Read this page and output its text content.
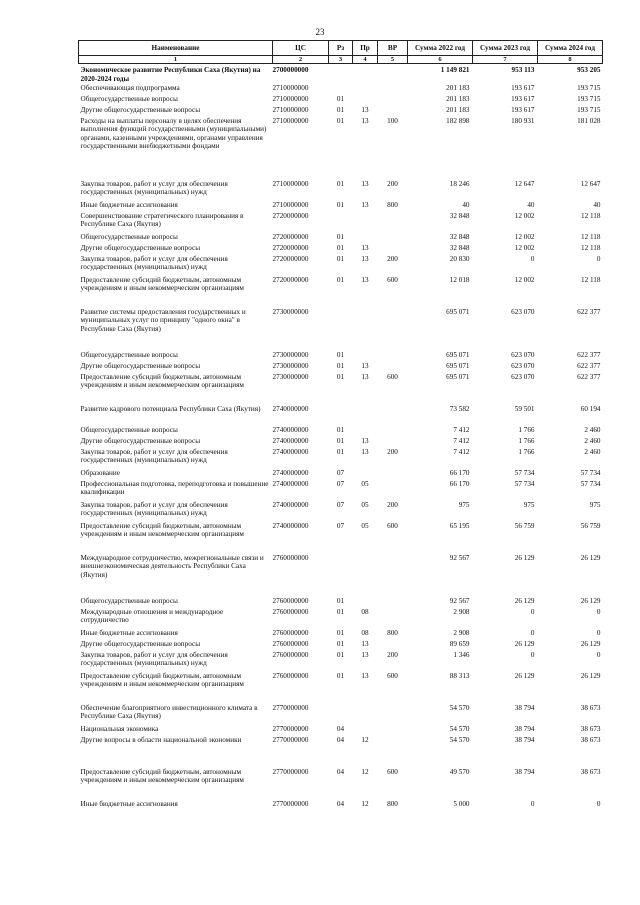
23
Наименование	ЦС	Рз	Пр	ВР	Сумма 2022 год	Сумма 2023 год	Сумма 2024 год
1	2	3	4	5	6	7	8
Экономическое развитие Республики Саха (Якутия) на 2020-2024 годы	2700000000				1 149 821	953 113	953 205
Обеспечивающая подпрограмма	2710000000				201 183	193 617	193 715
Общегосударственные вопросы	2710000000	01			201 183	193 617	193 715
Другие общегосударственные вопросы	2710000000	01	13		201 183	193 617	193 715
Расходы на выплаты персоналу в целях обеспечения выполнения функций государственными (муниципальными) органами, казенными учреждениями, органами управления государственными внебюджетными фондами	2710000000	01	13	100	182 898	180 931	181 028
Закупка товаров, работ и услуг для обеспечения государственных (муниципальных) нужд	2710000000	01	13	200	18 246	12 647	12 647
Иные бюджетные ассигнования	2710000000	01	13	800	40	40	40
Совершенствование стратегического планирования в Республике Саха (Якутия)	2720000000				32 848	12 002	12 118
Общегосударственные вопросы	2720000000	01			32 848	12 002	12 118
Другие общегосударственные вопросы	2720000000	01	13		32 848	12 002	12 118
Закупка товаров, работ и услуг для обеспечения государственных (муниципальных) нужд	2720000000	01	13	200	20 830	0	0
Предоставление субсидий бюджетным, автономным учреждениям и иным некоммерческим организациям	2720000000	01	13	600	12 018	12 002	12 118
Развитие системы предоставления государственных и муниципальных услуг по принципу "одного окна" в Республике Саха (Якутия)	2730000000				695 071	623 070	622 377
Общегосударственные вопросы	2730000000	01			695 071	623 070	622 377
Другие общегосударственные вопросы	2730000000	01	13		695 071	623 070	622 377
Предоставление субсидий бюджетным, автономным учреждениям и иным некоммерческим организациям	2730000000	01	13	600	695 071	623 070	622 377
Развитие кадрового потенциала Республики Саха (Якутия)	2740000000				73 582	59 501	60 194
Общегосударственные вопросы	2740000000	01			7 412	1 766	2 460
Другие общегосударственные вопросы	2740000000	01	13		7 412	1 766	2 460
Закупка товаров, работ и услуг для обеспечения государственных (муниципальных) нужд	2740000000	01	13	200	7 412	1 766	2 460
Образование	2740000000	07			66 170	57 734	57 734
Профессиональная подготовка, переподготовка и повышение квалификации	2740000000	07	05		66 170	57 734	57 734
Закупка товаров, работ и услуг для обеспечения государственных (муниципальных) нужд	2740000000	07	05	200	975	975	975
Предоставление субсидий бюджетным, автономным учреждениям и иным некоммерческим организациям	2740000000	07	05	600	65 195	56 759	56 759
Международное сотрудничество, межрегиональные связи и внешнеэкономическая деятельность Республики Саха (Якутия)	2760000000				92 567	26 129	26 129
Общегосударственные вопросы	2760000000	01			92 567	26 129	26 129
Международные отношения и международное сотрудничество	2760000000	01	08		2 908	0	0
Иные бюджетные ассигнования	2760000000	01	08	800	2 908	0	0
Другие общегосударственные вопросы	2760000000	01	13		89 659	26 129	26 129
Закупка товаров, работ и услуг для обеспечения государственных (муниципальных) нужд	2760000000	01	13	200	1 346	0	0
Предоставление субсидий бюджетным, автономным учреждениям и иным некоммерческим организациям	2760000000	01	13	600	88 313	26 129	26 129
Обеспечение благоприятного инвестиционного климата в Республике Саха (Якутия)	2770000000				54 570	38 794	38 673
Национальная экономика	2770000000	04			54 570	38 794	38 673
Другие вопросы в области национальной экономики	2770000000	04	12		54 570	38 794	38 673
Предоставление субсидий бюджетным, автономным учреждениям и иным некоммерческим организациям	2770000000	04	12	600	49 570	38 794	38 673
Иные бюджетные ассигнования	2770000000	04	12	800	5 000	0	0
